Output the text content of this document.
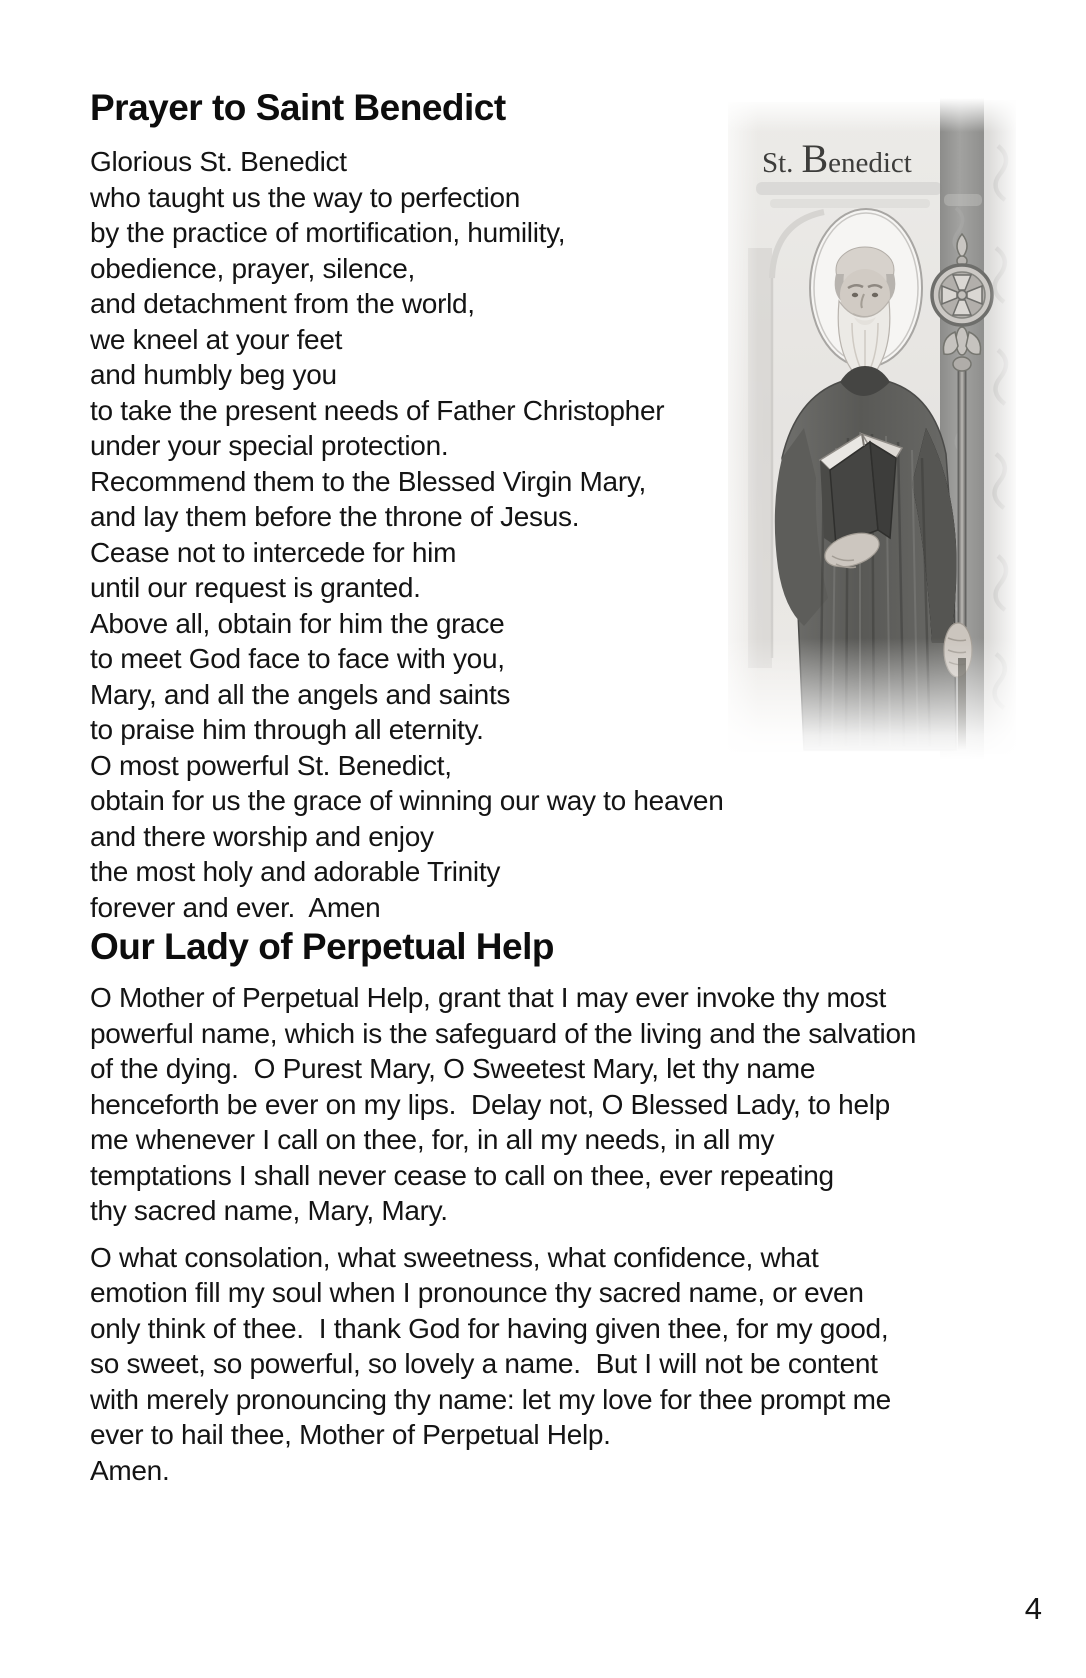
Prayer to Saint Benedict
Glorious St. Benedict
who taught us the way to perfection
by the practice of mortification, humility,
obedience, prayer, silence,
and detachment from the world,
we kneel at your feet
and humbly beg you
to take the present needs of Father Christopher
under your special protection.
Recommend them to the Blessed Virgin Mary,
and lay them before the throne of Jesus.
Cease not to intercede for him
until our request is granted.
Above all, obtain for him the grace
to meet God face to face with you,
Mary, and all the angels and saints
to praise him through all eternity.
O most powerful St. Benedict,
obtain for us the grace of winning our way to heaven
and there worship and enjoy
the most holy and adorable Trinity
forever and ever.  Amen
Our Lady of Perpetual Help
O Mother of Perpetual Help, grant that I may ever invoke thy most
powerful name, which is the safeguard of the living and the salvation
of the dying.  O Purest Mary, O Sweetest Mary, let thy name
henceforth be ever on my lips.  Delay not, O Blessed Lady, to help
me whenever I call on thee, for, in all my needs, in all my
temptations I shall never cease to call on thee, ever repeating
thy sacred name, Mary, Mary.
O what consolation, what sweetness, what confidence, what
emotion fill my soul when I pronounce thy sacred name, or even
only think of thee.  I thank God for having given thee, for my good,
so sweet, so powerful, so lovely a name.  But I will not be content
with merely pronouncing thy name: let my love for thee prompt me
ever to hail thee, Mother of Perpetual Help.
Amen.
St. Benedict
4
